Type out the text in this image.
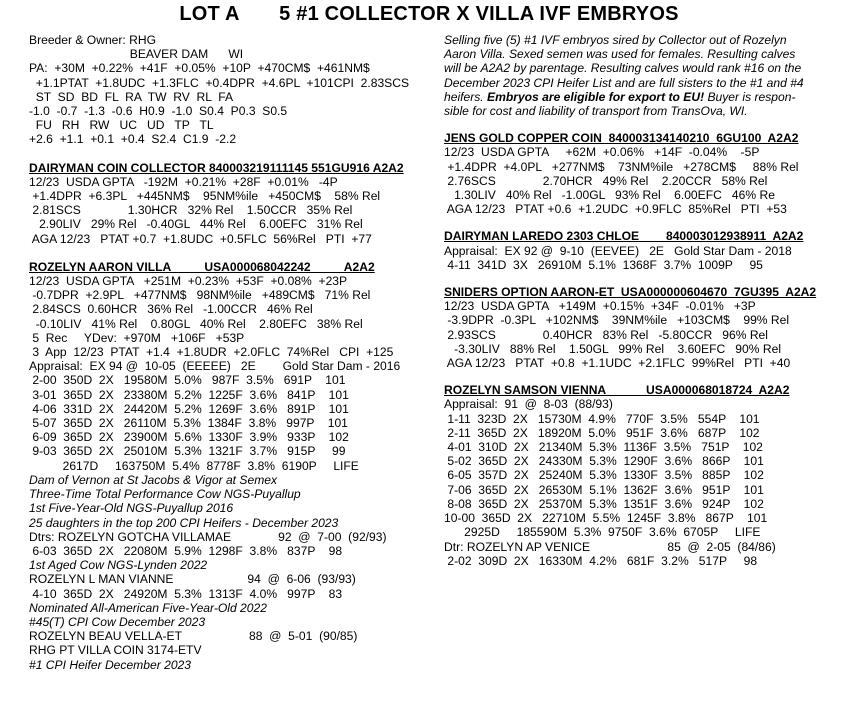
LOT A       5 #1 COLLECTOR X VILLA IVF EMBRYOS
Breeder & Owner: RHG
BEAVER DAM      WI
PA:  +30M  +0.22%  +41F  +0.05%  +10P  +470CM$  +461NM$
+1.1PTAT  +1.8UDC  +1.3FLC  +0.4DPR  +4.6PL  +101CPI  2.83SCS
ST  SD  BD  FL  RA  TW  RV  RL  FA
-1.0  -0.7  -1.3  -0.6  H0.9  -1.0  S0.4  P0.3  S0.5
FU   RH   RW   UC   UD   TP   TL
+2.6  +1.1  +0.1  +0.4  S2.4  C1.9  -2.2
DAIRYMAN COIN COLLECTOR 840003219111145 551GU916 A2A2
12/23  USDA GPTA   -192M  +0.21%  +28F  +0.01%   -4P
+1.4DPR  +6.3PL   +445NM$    95NM%ile   +450CM$    58% Rel
2.81SCS              1.30HCR   32% Rel    1.50CCR   35% Rel
2.90LIV   29% Rel   -0.40GL   44% Rel    6.00EFC   31% Rel
AGA 12/23   PTAT +0.7  +1.8UDC  +0.5FLC  56%Rel   PTI  +77
ROZELYN AARON VILLA          USA000068042242          A2A2
12/23  USDA GPTA   +251M  +0.23%  +53F  +0.08%  +23P
-0.7DPR  +2.9PL   +477NM$   98NM%ile   +489CM$   71% Rel
2.84SCS  0.60HCR   36% Rel   -1.00CCR   46% Rel
-0.10LIV   41% Rel    0.80GL   40% Rel    2.80EFC   38% Rel
5  Rec     YDev:  +970M   +106F   +53P
3  App  12/23  PTAT  +1.4  +1.8UDR  +2.0FLC  74%Rel   CPI  +125
Appraisal:  EX 94 @  10-05  (EEEEE)   2E        Gold Star Dam - 2016
2-00  350D  2X   19580M  5.0%   987F  3.5%   691P    101
3-01  365D  2X   23380M  5.2%  1225F  3.6%   841P    101
4-06  331D  2X   24420M  5.2%  1269F  3.6%   891P    101
5-07  365D  2X   26110M  5.3%  1384F  3.8%   997P    101
6-09  365D  2X   23900M  5.6%  1330F  3.9%   933P    102
9-03  365D  2X   25010M  5.3%  1321F  3.7%   915P     99
2617D     163750M  5.4%  8778F  3.8%  6190P     LIFE
Dam of Vernon at St Jacobs & Vigor at Semex
Three-Time Total Performance Cow NGS-Puyallup
1st Five-Year-Old NGS-Puyallup 2016
25 daughters in the top 200 CPI Heifers - December 2023
Dtrs: ROZELYN GOTCHA VILLAMAE              92  @  7-00  (92/93)
6-03  365D  2X   22080M  5.9%  1298F  3.8%   837P    98
1st Aged Cow NGS-Lynden 2022
ROZELYN L MAN VIANNE                      94  @  6-06  (93/93)
4-10  365D  2X   24920M  5.3%  1313F  4.0%   997P    83
Nominated All-American Five-Year-Old 2022
#45(T) CPI Cow December 2023
ROZELYN BEAU VELLA-ET                    88  @  5-01  (90/85)
RHG PT VILLA COIN 3174-ETV
#1 CPI Heifer December 2023
Selling five (5) #1 IVF embryos sired by Collector out of Rozelyn
Aaron Villa. Sexed semen was used for females. Resulting calves
will be A2A2 by parentage. Resulting calves would rank #16 on the
December 2023 CPI Heifer List and are full sisters to the #1 and #4
heifers. Embryos are eligible for export to EU! Buyer is respon-
sible for cost and liability of transport from TransOva, WI.
JENS GOLD COPPER COIN  840003134140210  6GU100  A2A2
12/23  USDA GPTA     +62M  +0.06%   +14F  -0.04%    -5P
+1.4DPR  +4.0PL   +277NM$    73NM%ile   +278CM$     88% Rel
2.76SCS              2.70HCR   49% Rel    2.20CCR   58% Rel
1.30LIV   40% Rel   -1.00GL   93% Rel    6.00EFC   46% Re
AGA 12/23   PTAT +0.6  +1.2UDC  +0.9FLC  85%Rel   PTI  +53
DAIRYMAN LAREDO 2303 CHLOE        840003012938911  A2A2
Appraisal:  EX 92 @  9-10  (EEVEE)   2E   Gold Star Dam - 2018
4-11  341D  3X   26910M  5.1%  1368F  3.7%  1009P     95
SNIDERS OPTION AARON-ET  USA000000604670  7GU395  A2A2
12/23  USDA GPTA   +149M  +0.15%  +34F  -0.01%   +3P
-3.9DPR  -0.3PL   +102NM$    39NM%ile   +103CM$    99% Rel
2.93SCS              0.40HCR   83% Rel   -5.80CCR   96% Rel
-3.30LIV   88% Rel    1.50GL   99% Rel    3.60EFC   90% Rel
AGA 12/23   PTAT  +0.8  +1.1UDC  +2.1FLC  99%Rel   PTI  +40
ROZELYN SAMSON VIENNA            USA000068018724  A2A2
Appraisal:  91  @  8-03  (88/93)
1-11  323D  2X   15730M  4.9%   770F  3.5%   554P    101
2-11  365D  2X   18920M  5.0%   951F  3.6%   687P    102
4-01  310D  2X   21340M  5.3%  1136F  3.5%   751P    102
5-02  365D  2X   24330M  5.3%  1290F  3.6%   866P    101
6-05  357D  2X   25240M  5.3%  1330F  3.5%   885P    102
7-06  365D  2X   26530M  5.1%  1362F  3.6%   951P    101
8-08  365D  2X   25370M  5.3%  1351F  3.6%   924P    102
10-00  365D  2X   22710M  5.5%  1245F  3.8%   867P    101
2925D     185590M  5.3%  9750F  3.6%  6705P     LIFE
Dtr: ROZELYN AP VENICE                       85  @  2-05  (84/86)
2-02  309D  2X   16330M  4.2%   681F  3.2%   517P     98
